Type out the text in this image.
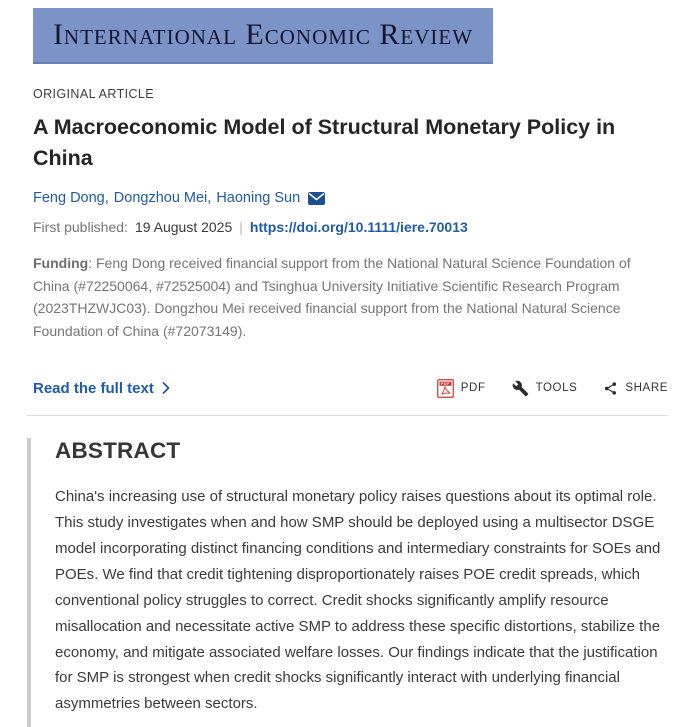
International Economic Review
ORIGINAL ARTICLE
A Macroeconomic Model of Structural Monetary Policy in China
Feng Dong, Dongzhou Mei, Haoning Sun
First published: 19 August 2025 | https://doi.org/10.1111/iere.70013

Funding: Feng Dong received financial support from the National Natural Science Foundation of China (#72250064, #72525004) and Tsinghua University Initiative Scientific Research Program (2023THZWJC03). Dongzhou Mei received financial support from the National Natural Science Foundation of China (#72073149).

Read the full text	PDF PDF	TOOLS	SHARE
ABSTRACT

China's increasing use of structural monetary policy raises questions about its optimal role. This study investigates when and how SMP should be deployed using a multisector DSGE model incorporating distinct financing conditions and intermediary constraints for SOEs and POEs. We find that credit tightening disproportionately raises POE credit spreads, which conventional policy struggles to correct. Credit shocks significantly amplify resource misallocation and necessitate active SMP to address these specific distortions, stabilize the economy, and mitigate associated welfare losses. Our findings indicate that the justification for SMP is strongest when credit shocks significantly interact with underlying financial asymmetries between sectors.
